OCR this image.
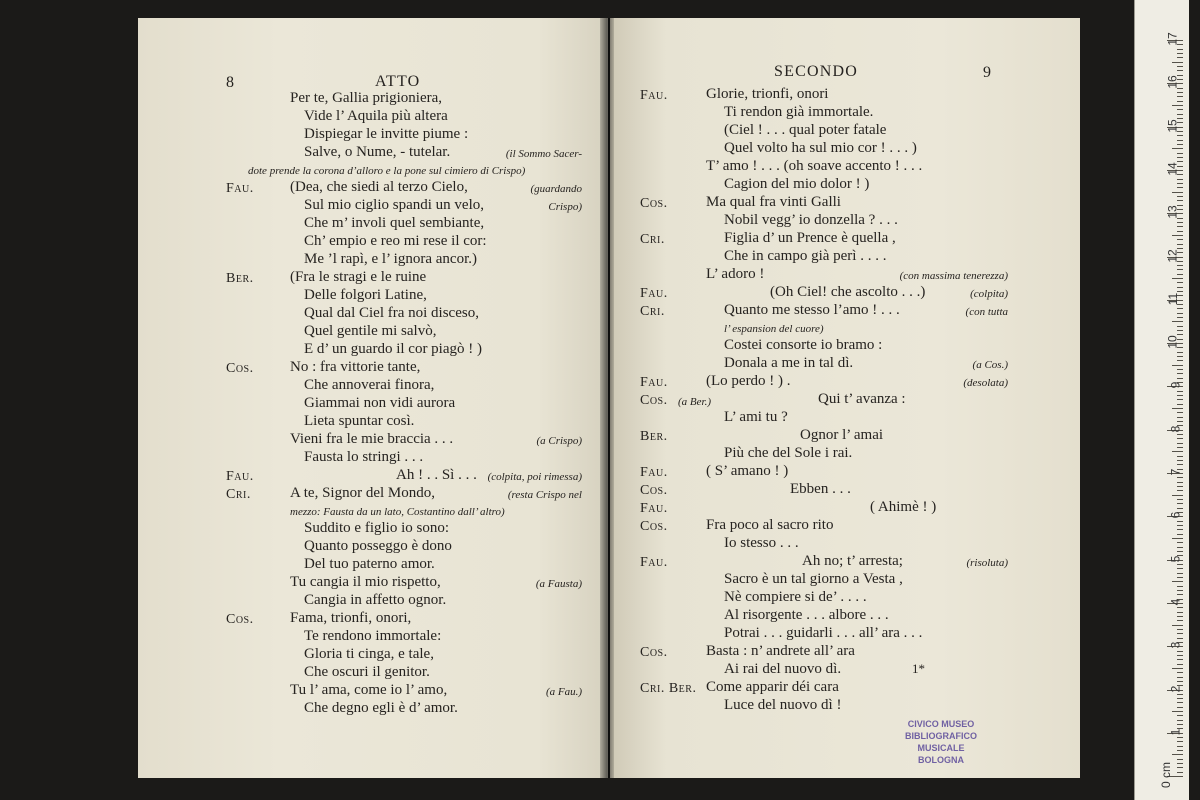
8	ATTO
SECONDO	9
1*
Per te, Gallia prigioniera,
Vide l’ Aquila più altera
Dispiegar le invitte piume :
Salve, o Nume, - tutelar.	(il Sommo Sacer-
dote prende la corona d’alloro e la pone sul cimiero di Crispo)
Fau. (Dea, che siedi al terzo Cielo,	(guardando
Sul mio ciglio spandi un velo,	Crispo)
Che m’ involi quel sembiante,
Ch’ empio e reo mi rese il cor:
Me ’l rapì, e l’ ignora ancor.)
Ber. (Fra le stragi e le ruine
Delle folgori Latine,
Qual dal Ciel fra noi disceso,
Quel gentile mi salvò,
E d’ un guardo il cor piagò ! )
Cos. No : fra vittorie tante,
Che annoverai finora,
Giammai non vidi aurora
Lieta spuntar così.
Vieni fra le mie braccia . . .	(a Crispo)
Fausta lo stringi . . .
Fau.	Ah ! . . Sì . . . (colpita, poi rimessa)
Cri.	A te, Signor del Mondo,	(resta Crispo nel
mezzo: Fausta da un lato, Costantino dall’ altro)
Suddito e figlio io sono:
Quanto posseggo è dono
Del tuo paterno amor.
Tu cangia il mio rispetto,	(a Fausta)
Cangia in affetto ognor.
Cos. Fama, trionfi, onori,
Te rendono immortale:
Gloria ti cinga, e tale,
Che oscuri il genitor.
Tu l’ ama, come io l’ amo,	(a Fau.)
Che degno egli è d’ amor.
Fau.	Glorie, trionfi, onori
Ti rendon già immortale.
(Ciel ! . . . qual poter fatale
Quel volto ha sul mio cor ! . . . )
T’ amo ! . . . (oh soave accento ! . . .
Cagion del mio dolor ! )
Cos.	Ma qual fra vinti Galli
Nobil vegg’ io donzella ? . . .
Cri.	Figlia d’ un Prence è quella ,
Che in campo già perì . . . .
L’ adoro !	(con massima tenerezza)
Fau.	(Oh Ciel! che ascolto . . .)	(colpita)
Cri.	Quanto me stesso l’amo ! . . .	(con tutta
l’ espansion del cuore)
Costei consorte io bramo :
Donala a me in tal dì.	(a Cos.)
Fau.	(Lo perdo ! ) .	(desolata)
Cos. (a Ber.)	Qui t’ avanza :
L’ ami tu ?
Ber.	Ognor l’ amai
Più che del Sole i rai.
Fau.	( S’ amano ! )
Cos.	Ebben . . .
Fau.	( Ahimè ! )
Cos.	Fra poco al sacro rito
Io stesso . . .
Fau.	Ah no; t’ arresta;	(risoluta)
Sacro è un tal giorno a Vesta ,
Nè compiere si de’ . . . .
Al risorgente . . . albore . . .
Potrai . . . guidarli . . . all’ ara . . .
Cos.	Basta : n’ andrete all’ ara
Ai rai del nuovo dì.
Cri. Ber. Come apparir déi cara
Luce del nuovo dì !
CIVICO MUSEO
BIBLIOGRAFICO MUSICALE
BOLOGNA
17
16
15
14
13
12
11
10
9
8
7
6
5
4
3
2
1
0 cm
